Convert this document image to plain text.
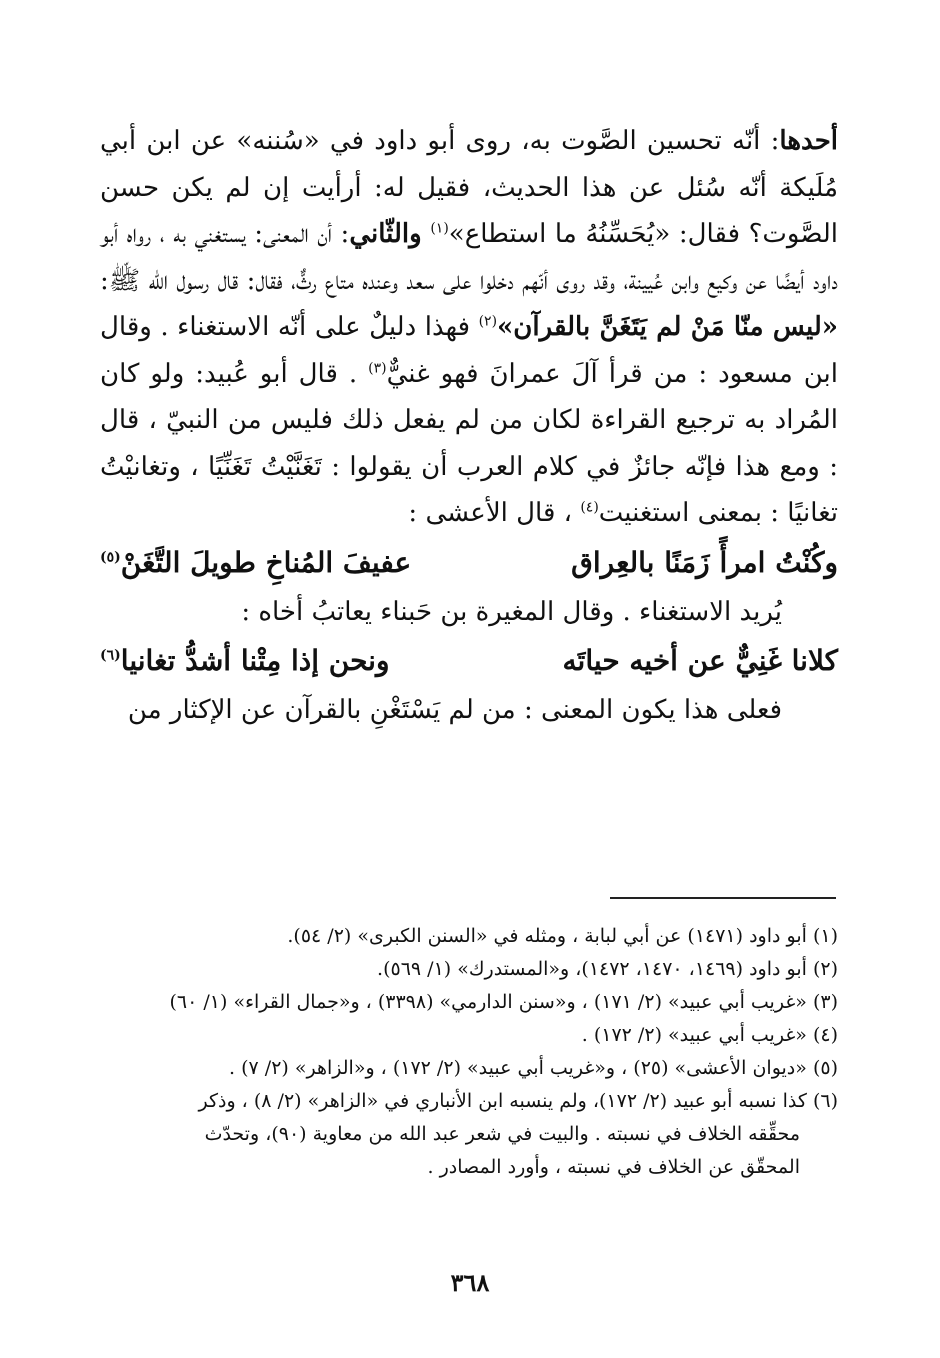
أحدها: أنّه تحسين الصَّوت به، روى أبو داود في «سُننه» عن ابن أبي مُلَيكة أنّه سُئل عن هذا الحديث، فقيل له: أرأيت إن لم يكن حسن الصَّوت؟ فقال: «يُحَسِّنُهُ ما استطاع»$^{(١)}$ والثّاني: أن المعنى: يستغني به ، رواه أبو داود أيضًا عن وكيع وابن عُيينة، وقد روى أنّهم دخلوا على سعد وعنده متاع رثٌّ، فقال: قال رسول الله ﷺ: «ليس منّا مَنْ لم يَتَغَنَّ بالقرآن»$^{(٢)}$ فهذا دليلٌ على أنّه الاستغناء . وقال ابن مسعود : من قرأ آلَ عمرانَ فهو غنيٌّ$^{(٣)}$ . قال أبو عُبيد: ولو كان المُراد به ترجيع القراءة لكان من لم يفعل ذلك فليس من النبيّ ، قال : ومع هذا فإنّه جائزٌ في كلام العرب أن يقولوا : تَغَنَّيْتُ تَغَنِّيًا ، وتغانيْتُ تغانيًا : بمعنى استغنيت$^{(٤)}$ ، قال الأعشى :

وكُنْتُ امرأً زَمَنًا بالعِراق
عفيفَ المُناخِ طويلَ التَّغَنْ$^{(٥)}$

يُريد الاستغناء . وقال المغيرة بن حَبناء يعاتبُ أخاه :

كلانا غَنِيٌّ عن أخيه حياتَه
ونحن إذا مِتْنا أشدُّ تغانيا$^{(٦)}$

فعلى هذا يكون المعنى : من لم يَسْتَغْنِ بالقرآن عن الإكثار من

(١) أبو داود (١٤٧١) عن أبي لبابة ، ومثله في «السنن الكبرى» (٢/ ٥٤).

(٢) أبو داود (١٤٦٩، ١٤٧٠، ١٤٧٢)، و«المستدرك» (١/ ٥٦٩).

(٣) «غريب أبي عبيد» (٢/ ١٧١) ، و«سنن الدارمي» (٣٣٩٨) ، و«جمال القراء» (١/ ٦٠)

(٤) «غريب أبي عبيد» (٢/ ١٧٢) .

(٥) «ديوان الأعشى» (٢٥) ، و«غريب أبي عبيد» (٢/ ١٧٢) ، و«الزاهر» (٢/ ٧) .

(٦) كذا نسبه أبو عبيد (٢/ ١٧٢)، ولم ينسبه ابن الأنباري في «الزاهر» (٢/ ٨) ، وذكر

محقِّقه الخلاف في نسبته . والبيت في شعر عبد الله من معاوية (٩٠)، وتحدّث

المحقّق عن الخلاف في نسبته ، وأورد المصادر .

٣٦٨
